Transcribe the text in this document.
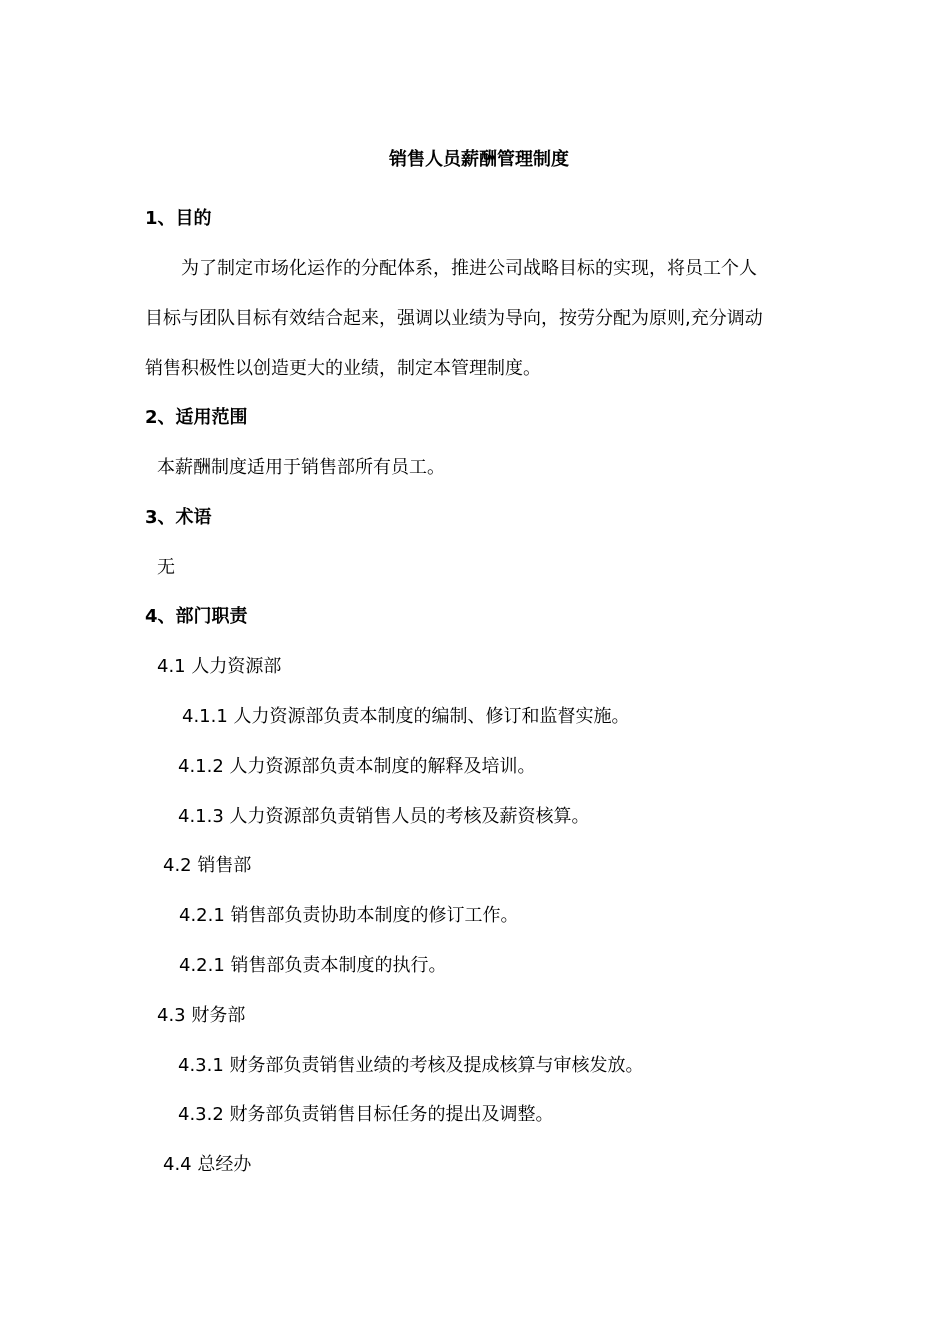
销售人员薪酬管理制度
1、目的
为了制定市场化运作的分配体系，推进公司战略目标的实现，将员工个人
目标与团队目标有效结合起来，强调以业绩为导向，按劳分配为原则,充分调动
销售积极性以创造更大的业绩，制定本管理制度。
2、适用范围
本薪酬制度适用于销售部所有员工。
3、术语
无
4、部门职责
4.1 人力资源部
4.1.1 人力资源部负责本制度的编制、修订和监督实施。
4.1.2 人力资源部负责本制度的解释及培训。
4.1.3 人力资源部负责销售人员的考核及薪资核算。
4.2 销售部
4.2.1 销售部负责协助本制度的修订工作。
4.2.1 销售部负责本制度的执行。
4.3 财务部
4.3.1 财务部负责销售业绩的考核及提成核算与审核发放。
4.3.2 财务部负责销售目标任务的提出及调整。
4.4 总经办
